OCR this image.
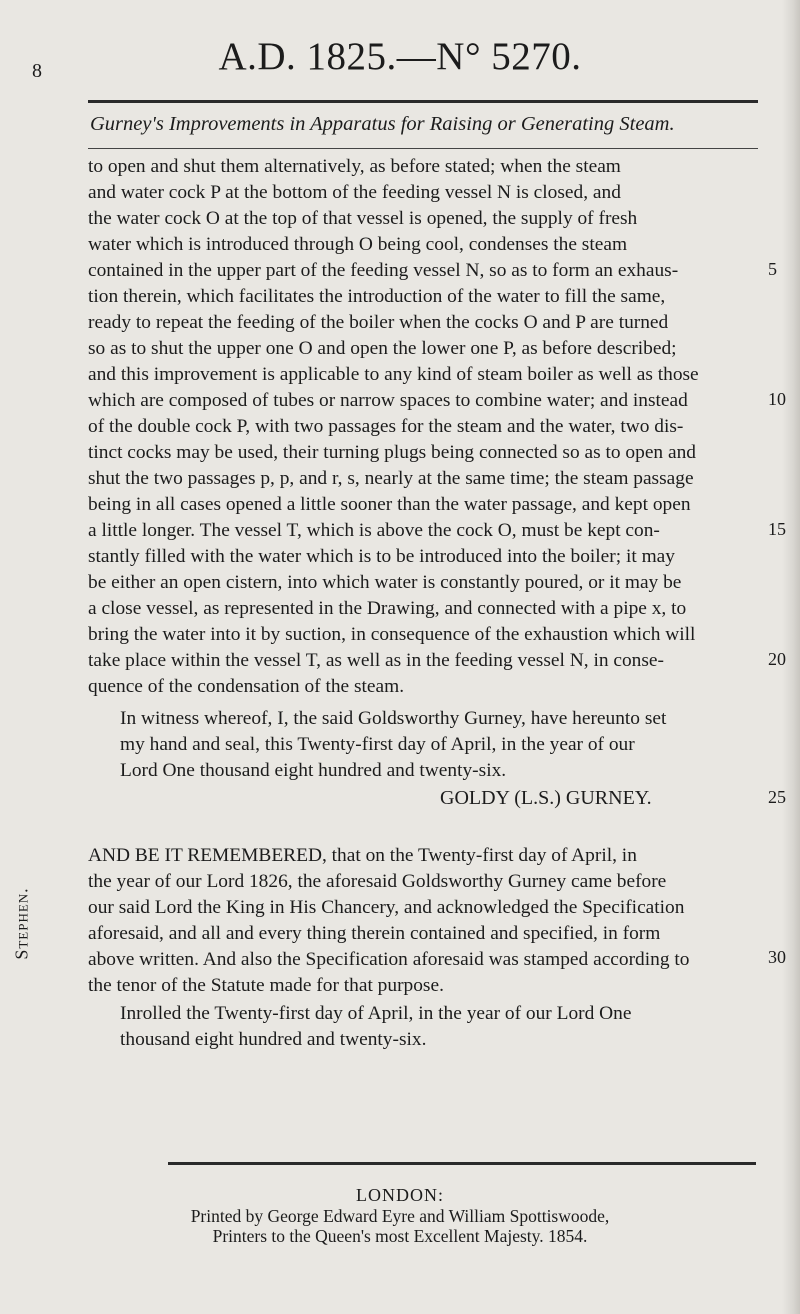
8	A.D. 1825.—N° 5270.
Gurney's Improvements in Apparatus for Raising or Generating Steam.
to open and shut them alternatively, as before stated; when the steam
and water cock P at the bottom of the feeding vessel N is closed, and
the water cock O at the top of that vessel is opened, the supply of fresh
water which is introduced through O being cool, condenses the steam
contained in the upper part of the feeding vessel N, so as to form an exhaus-
tion therein, which facilitates the introduction of the water to fill the same,
ready to repeat the feeding of the boiler when the cocks O and P are turned
so as to shut the upper one O and open the lower one P, as before described;
and this improvement is applicable to any kind of steam boiler as well as those
which are composed of tubes or narrow spaces to combine water; and instead
of the double cock P, with two passages for the steam and the water, two dis-
tinct cocks may be used, their turning plugs being connected so as to open and
shut the two passages p, p, and r, s, nearly at the same time; the steam passage
being in all cases opened a little sooner than the water passage, and kept open
a little longer. The vessel T, which is above the cock O, must be kept con-
stantly filled with the water which is to be introduced into the boiler; it may
be either an open cistern, into which water is constantly poured, or it may be
a close vessel, as represented in the Drawing, and connected with a pipe x, to
bring the water into it by suction, in consequence of the exhaustion which will
take place within the vessel T, as well as in the feeding vessel N, in conse-
quence of the condensation of the steam.
In witness whereof, I, the said Goldsworthy Gurney, have hereunto set
my hand and seal, this Twenty-first day of April, in the year of our
Lord One thousand eight hundred and twenty-six.
GOLDY (L.S.) GURNEY.
AND BE IT REMEMBERED, that on the Twenty-first day of April, in
the year of our Lord 1826, the aforesaid Goldsworthy Gurney came before
our said Lord the King in His Chancery, and acknowledged the Specification
aforesaid, and all and every thing therein contained and specified, in form
above written. And also the Specification aforesaid was stamped according to
the tenor of the Statute made for that purpose.
Inrolled the Twenty-first day of April, in the year of our Lord One
thousand eight hundred and twenty-six.
5
10
15
20
25
30
Stephen.
LONDON:
Printed by George Edward Eyre and William Spottiswoode,
Printers to the Queen's most Excellent Majesty. 1854.
